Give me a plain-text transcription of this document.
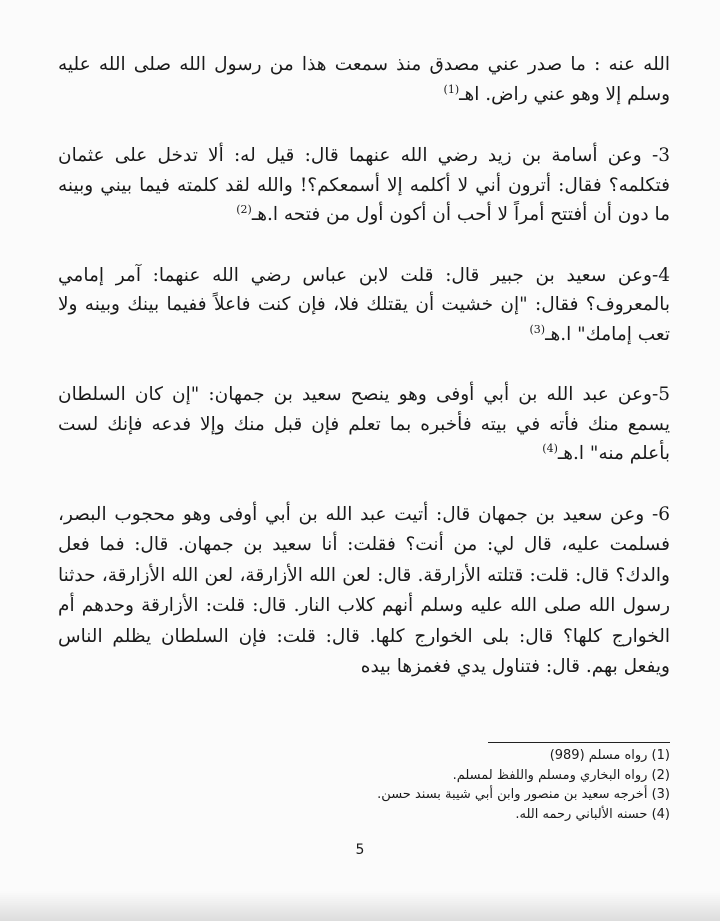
الله عنه : ما صدر عني مصدق منذ سمعت هذا من رسول الله صلى الله عليه وسلم إلا وهو عني راض. اهـ$^{(1)}$

3- وعن أسامة بن زيد رضي الله عنهما قال: قيل له: ألا تدخل على عثمان فتكلمه؟ فقال: أترون أني لا أكلمه إلا أسمعكم؟! والله لقد كلمته فيما بيني وبينه ما دون أن أفتتح أمراً لا أحب أن أكون أول من فتحه ا.هـ$^{(2)}$

4-وعن سعيد بن جبير قال: قلت لابن عباس رضي الله عنهما: آمر إمامي بالمعروف؟ فقال: "إن خشيت أن يقتلك فلا، فإن كنت فاعلاً ففيما بينك وبينه ولا تعب إمامك" ا.هـ$^{(3)}$

5-وعن عبد الله بن أبي أوفى وهو ينصح سعيد بن جمهان: "إن كان السلطان يسمع منك فأته في بيته فأخبره بما تعلم فإن قبل منك وإلا فدعه فإنك لست بأعلم منه" ا.هـ$^{(4)}$

6- وعن سعيد بن جمهان قال: أتيت عبد الله بن أبي أوفى وهو محجوب البصر، فسلمت عليه، قال لي: من أنت؟ فقلت: أنا سعيد بن جمهان. قال: فما فعل والدك؟ قال: قلت: قتلته الأزارقة. قال: لعن الله الأزارقة، لعن الله الأزارقة، حدثنا رسول الله صلى الله عليه وسلم أنهم كلاب النار. قال: قلت: الأزارقة وحدهم أم الخوارج كلها؟ قال: بلى الخوارج كلها. قال: قلت: فإن السلطان يظلم الناس ويفعل بهم. قال: فتناول يدي فغمزها بيده

(1) رواه مسلم (989)

(2) رواه البخاري ومسلم واللفظ لمسلم.

(3) أخرجه سعيد بن منصور وابن أبي شيبة بسند حسن.

(4) حسنه الألباني رحمه الله.

5
